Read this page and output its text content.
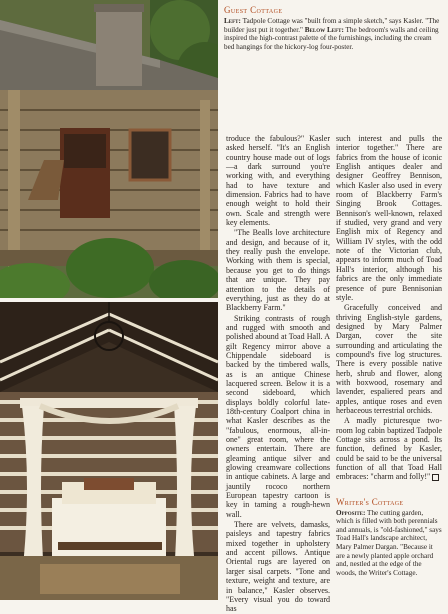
Guest Cottage
Left: Tadpole Cottage was "built from a simple sketch," says Kasler. "The builder just put it together." Below Left: The bedroom's walls and ceiling inspired the high-contrast palette of the furnishings, including the cream bed hangings for the hickory-log four-poster.

troduce the fabulous?" Kasler asked herself. "It's an English country house made out of logs—a dark surround you're working with, and everything had to have texture and dimension. Fabrics had to have enough weight to hold their own. Scale and strength were key elements.

"The Bealls love architecture and design, and because of it, they really push the envelope. Working with them is special, because you get to do things that are unique. They pay attention to the details of everything, just as they do at Blackberry Farm."

Striking contrasts of rough and rugged with smooth and polished abound at Toad Hall. A gilt Regency mirror above a Chippendale sideboard is backed by the timbered walls, as is an antique Chinese lacquered screen. Below it is a second sideboard, which displays boldly colorful late-18th-century Coalport china in what Kasler describes as the "fabulous, enormous, all-in-one" great room, where the owners entertain. There are gleaming antique silver and glowing creamware collections in antique cabinets. A large and jauntily rococo northern European tapestry cartoon is key in taming a rough-hewn wall.

There are velvets, damasks, paisleys and tapestry fabrics mixed together in upholstery and accent pillows. Antique Oriental rugs are layered on larger sisal carpets. "Tone and texture, weight and texture, are in balance," Kasler observes. "Every visual you do toward has

such interest and pulls the interior together." There are fabrics from the house of iconic English antiques dealer and designer Geoffrey Bennison, which Kasler also used in every room of Blackberry Farm's Singing Brook Cottages. Bennison's well-known, relaxed if studied, very grand and very English mix of Regency and William IV styles, with the odd note of the Victorian club, appears to inform much of Toad Hall's interior, although his fabrics are the only immediate presence of pure Bennisonian style.

Gracefully conceived and thriving English-style gardens, designed by Mary Palmer Dargan, cover the site surrounding and articulating the compound's five log structures. There is every possible native herb, shrub and flower, along with boxwood, rosemary and lavender, espaliered pears and apples, antique roses and even herbaceous terrestrial orchids.

A madly picturesque two-room log cabin baptized Tadpole Cottage sits across a pond. Its function, defined by Kasler, could be said to be the universal function of all that Toad Hall embraces: "charm and folly!"

Writer's Cottage
Opposite: The cutting garden, which is filled with both perennials and annuals, is "old-fashioned," says Toad Hall's landscape architect, Mary Palmer Dargan. "Because it are a newly planted apple orchard and, nestled at the edge of the woods, the Writer's Cottage.
